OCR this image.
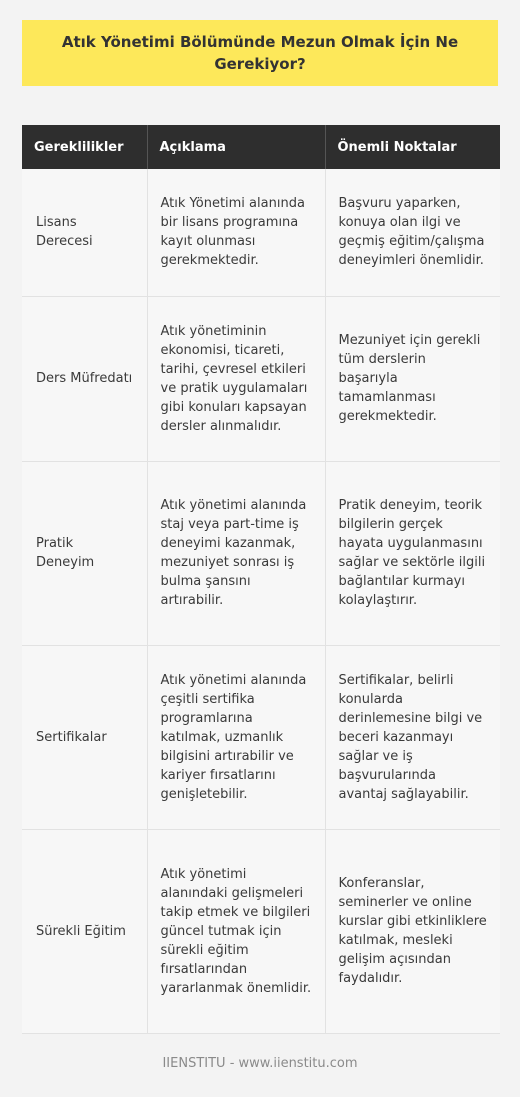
Atık Yönetimi Bölümünde Mezun Olmak İçin Ne Gerekiyor?
Gereklilikler	Açıklama	Önemli Noktalar
Lisans Derecesi	Atık Yönetimi alanında bir lisans programına kayıt olunması gerekmektedir.	Başvuru yaparken, konuya olan ilgi ve geçmiş eğitim/çalışma deneyimleri önemlidir.
Ders Müfredatı	Atık yönetiminin ekonomisi, ticareti, tarihi, çevresel etkileri ve pratik uygulamaları gibi konuları kapsayan dersler alınmalıdır.	Mezuniyet için gerekli tüm derslerin başarıyla tamamlanması gerekmektedir.
Pratik Deneyim	Atık yönetimi alanında staj veya part-time iş deneyimi kazanmak, mezuniyet sonrası iş bulma şansını artırabilir.	Pratik deneyim, teorik bilgilerin gerçek hayata uygulanmasını sağlar ve sektörle ilgili bağlantılar kurmayı kolaylaştırır.
Sertifikalar	Atık yönetimi alanında çeşitli sertifika programlarına katılmak, uzmanlık bilgisini artırabilir ve kariyer fırsatlarını genişletebilir.	Sertifikalar, belirli konularda derinlemesine bilgi ve beceri kazanmayı sağlar ve iş başvurularında avantaj sağlayabilir.
Sürekli Eğitim	Atık yönetimi alanındaki gelişmeleri takip etmek ve bilgileri güncel tutmak için sürekli eğitim fırsatlarından yararlanmak önemlidir.	Konferanslar, seminerler ve online kurslar gibi etkinliklere katılmak, mesleki gelişim açısından faydalıdır.
IIENSTITU - www.iienstitu.com
